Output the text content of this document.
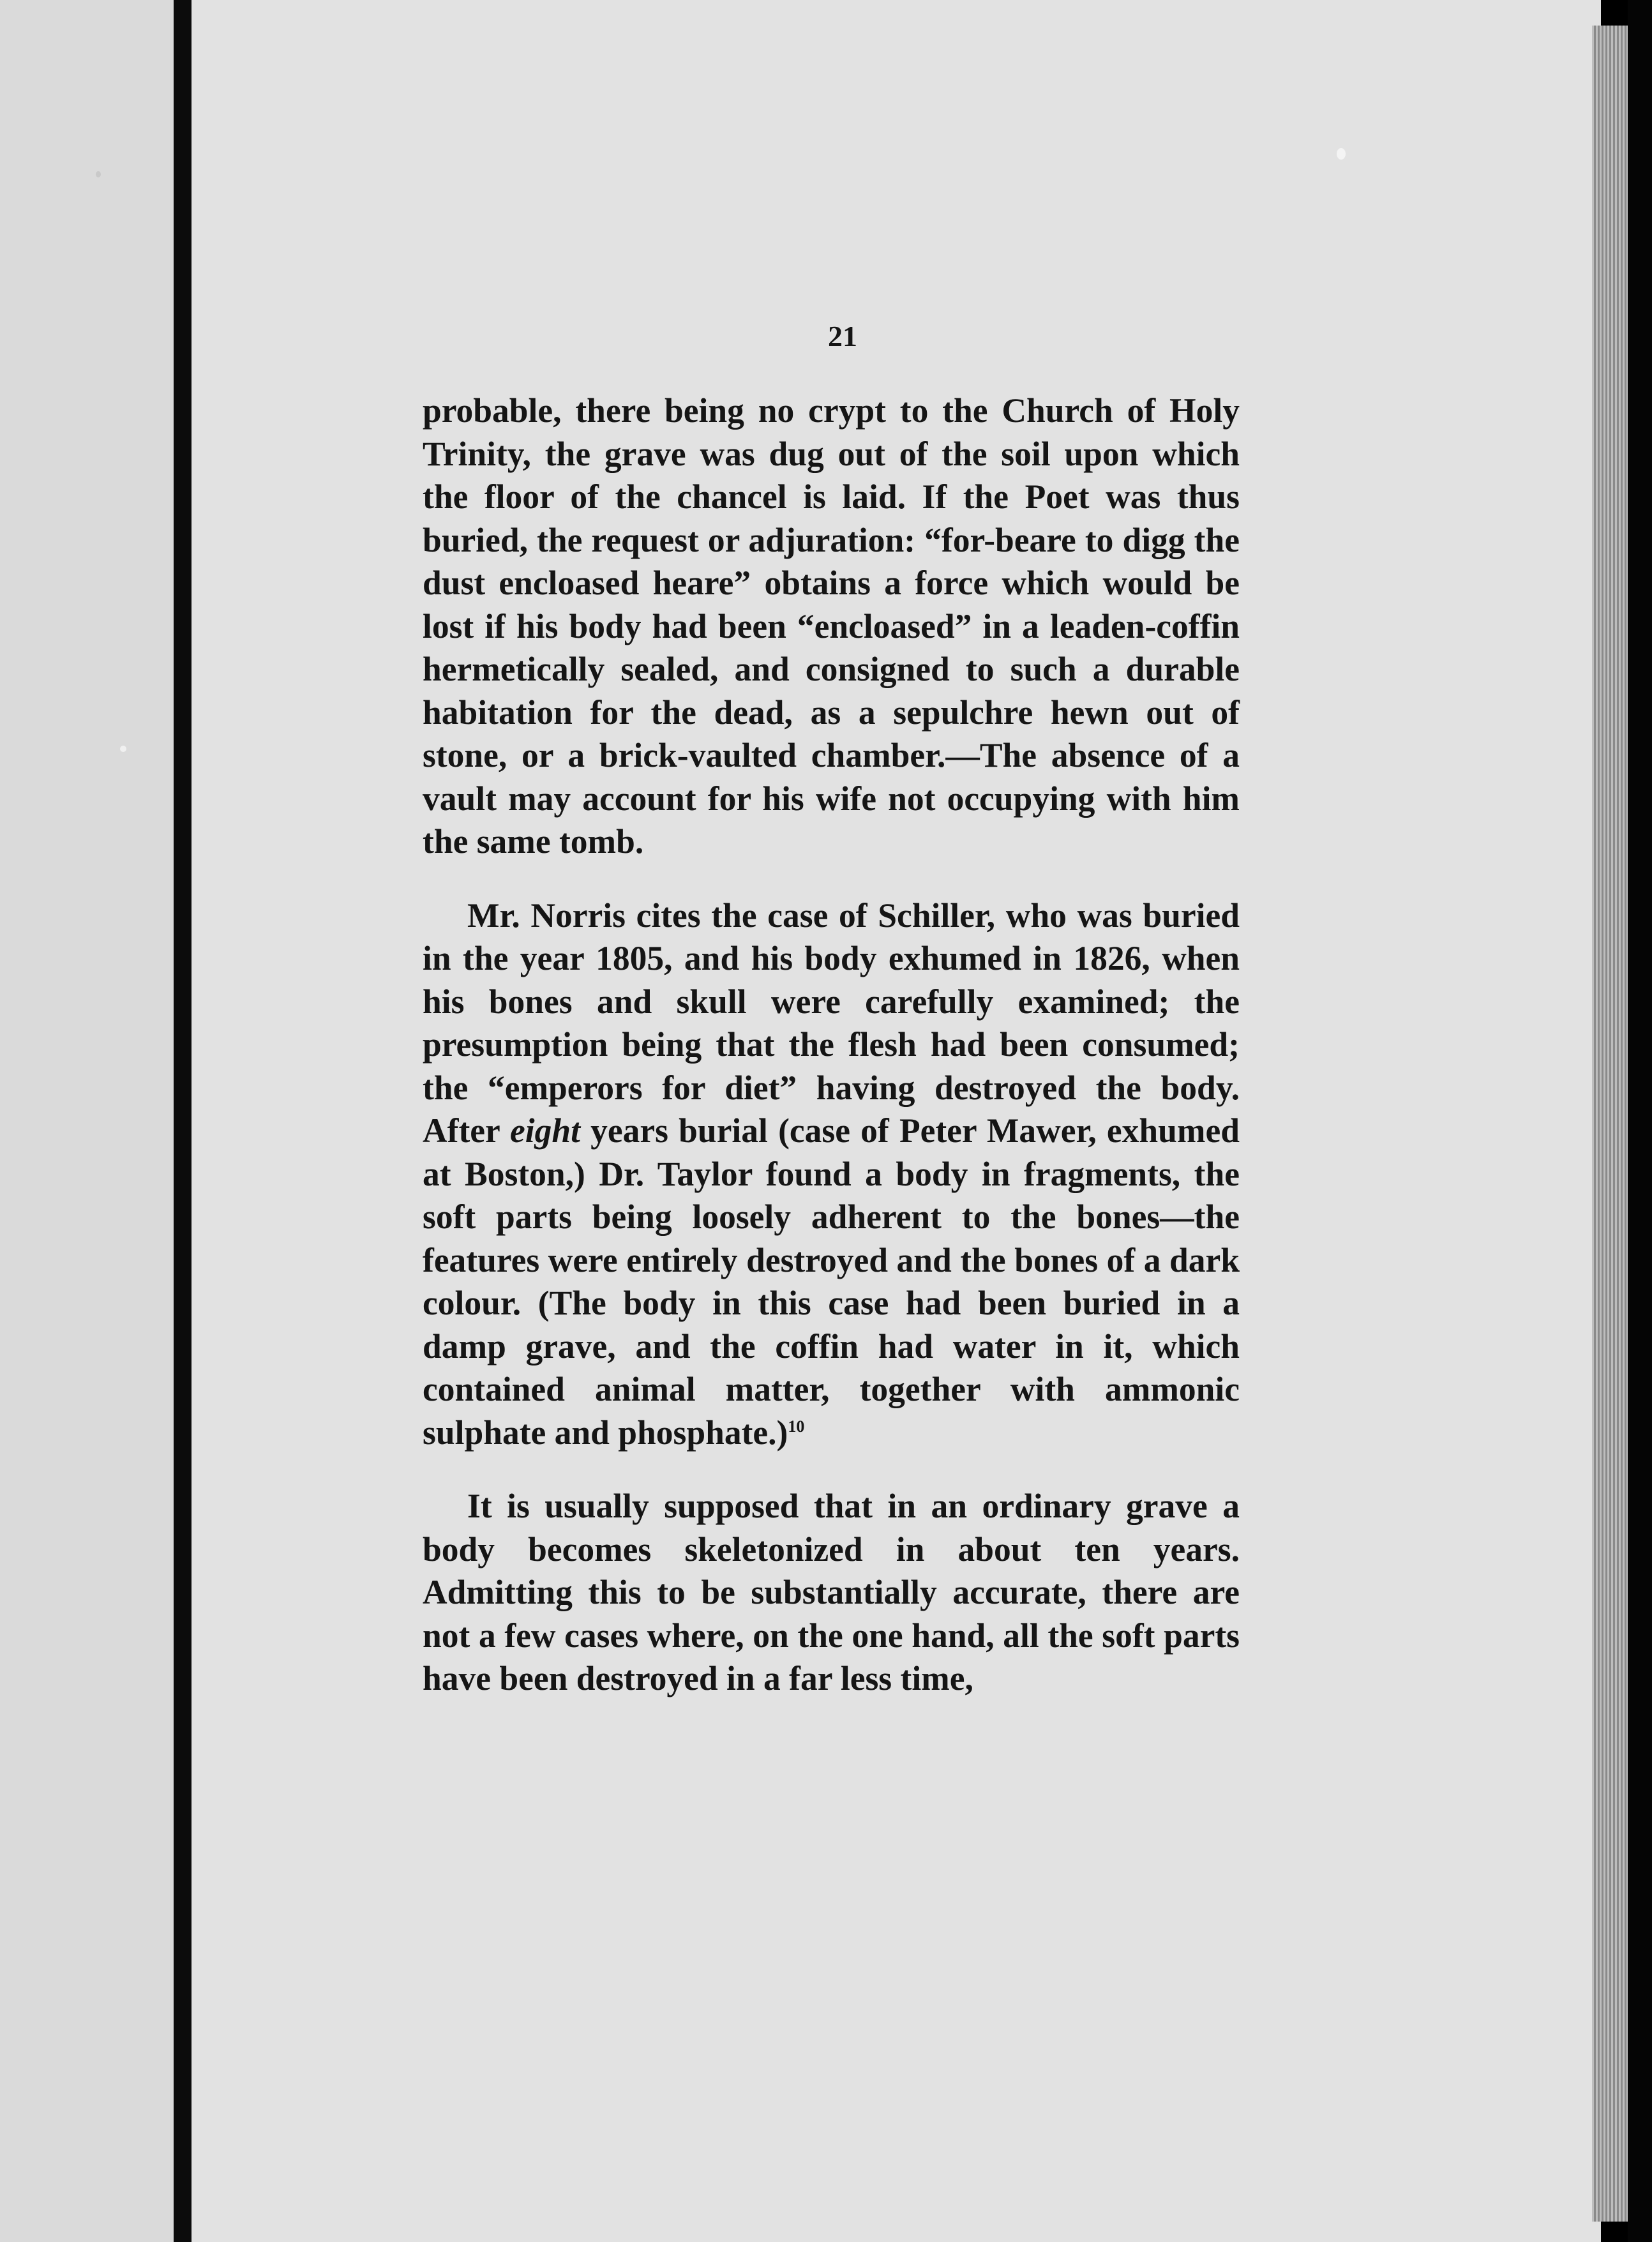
21

probable, there being no crypt to the Church of Holy Trinity, the grave was dug out of the soil upon which the floor of the chancel is laid. If the Poet was thus buried, the request or adjuration: “for-beare to digg the dust encloased heare” obtains a force which would be lost if his body had been “encloased” in a leaden-coffin hermetically sealed, and consigned to such a durable habitation for the dead, as a sepulchre hewn out of stone, or a brick-vaulted chamber.—The absence of a vault may account for his wife not occupying with him the same tomb.

Mr. Norris cites the case of Schiller, who was buried in the year 1805, and his body exhumed in 1826, when his bones and skull were carefully examined; the presumption being that the flesh had been consumed; the “emperors for diet” having destroyed the body. After eight years burial (case of Peter Mawer, exhumed at Boston,) Dr. Taylor found a body in fragments, the soft parts being loosely adherent to the bones—the features were entirely destroyed and the bones of a dark colour. (The body in this case had been buried in a damp grave, and the coffin had water in it, which contained animal matter, together with ammonic sulphate and phosphate.)$^{10}$

It is usually supposed that in an ordinary grave a body becomes skeletonized in about ten years. Admitting this to be substantially accurate, there are not a few cases where, on the one hand, all the soft parts have been destroyed in a far less time,
